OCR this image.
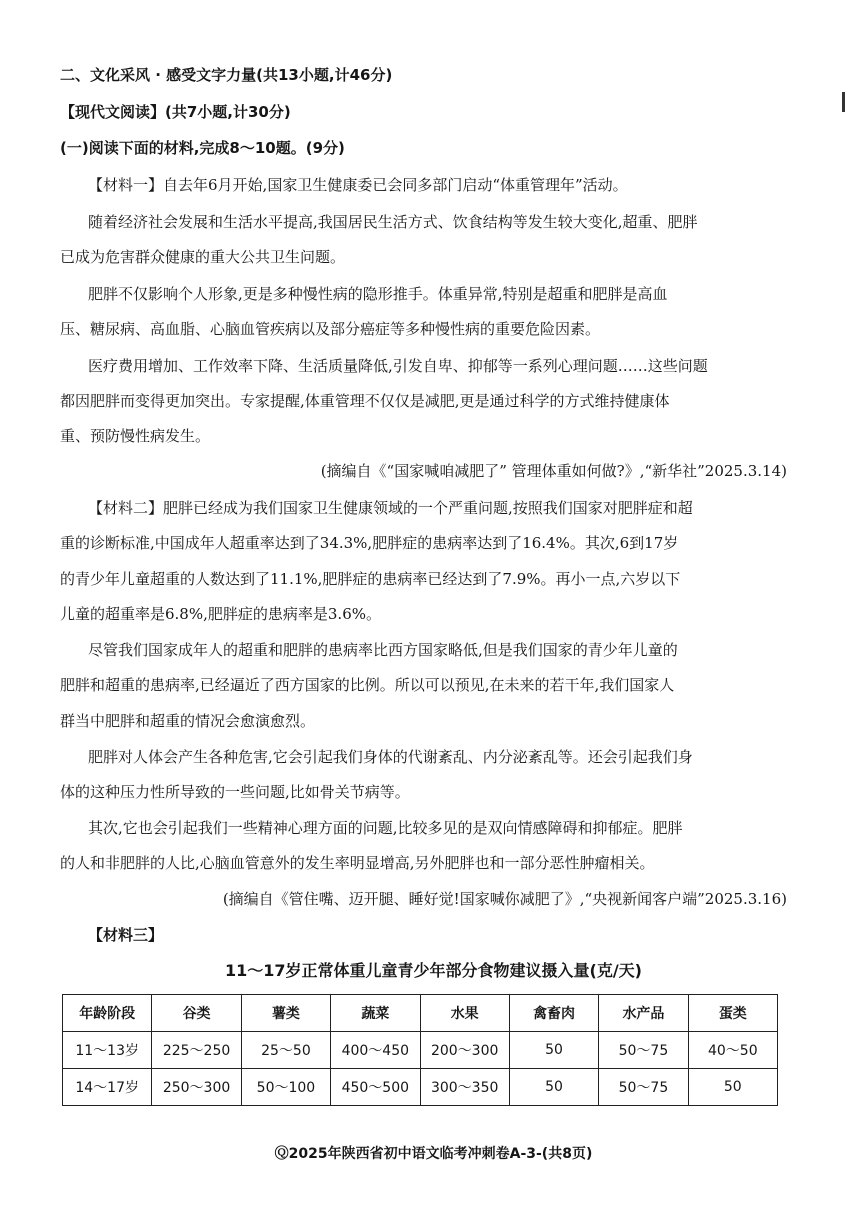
二、文化采风 · 感受文字力量(共13小题,计46分)
【现代文阅读】(共7小题,计30分)
(一)阅读下面的材料,完成8～10题。(9分)
【材料一】自去年6月开始,国家卫生健康委已会同多部门启动“体重管理年”活动。
随着经济社会发展和生活水平提高,我国居民生活方式、饮食结构等发生较大变化,超重、肥胖
已成为危害群众健康的重大公共卫生问题。
肥胖不仅影响个人形象,更是多种慢性病的隐形推手。体重异常,特别是超重和肥胖是高血
压、糖尿病、高血脂、心脑血管疾病以及部分癌症等多种慢性病的重要危险因素。
医疗费用增加、工作效率下降、生活质量降低,引发自卑、抑郁等一系列心理问题……这些问题
都因肥胖而变得更加突出。专家提醒,体重管理不仅仅是减肥,更是通过科学的方式维持健康体
重、预防慢性病发生。
(摘编自《“国家喊咱减肥了” 管理体重如何做?》,“新华社”2025.3.14)
【材料二】肥胖已经成为我们国家卫生健康领域的一个严重问题,按照我们国家对肥胖症和超
重的诊断标准,中国成年人超重率达到了34.3%,肥胖症的患病率达到了16.4%。其次,6到17岁
的青少年儿童超重的人数达到了11.1%,肥胖症的患病率已经达到了7.9%。再小一点,六岁以下
儿童的超重率是6.8%,肥胖症的患病率是3.6%。
尽管我们国家成年人的超重和肥胖的患病率比西方国家略低,但是我们国家的青少年儿童的
肥胖和超重的患病率,已经逼近了西方国家的比例。所以可以预见,在未来的若干年,我们国家人
群当中肥胖和超重的情况会愈演愈烈。
肥胖对人体会产生各种危害,它会引起我们身体的代谢紊乱、内分泌紊乱等。还会引起我们身
体的这种压力性所导致的一些问题,比如骨关节病等。
其次,它也会引起我们一些精神心理方面的问题,比较多见的是双向情感障碍和抑郁症。肥胖
的人和非肥胖的人比,心脑血管意外的发生率明显增高,另外肥胖也和一部分恶性肿瘤相关。
(摘编自《管住嘴、迈开腿、睡好觉!国家喊你减肥了》,“央视新闻客户端”2025.3.16)
【材料三】
11～17岁正常体重儿童青少年部分食物建议摄入量(克/天)
年龄阶段	谷类	薯类	蔬菜	水果	禽畜肉	水产品	蛋类
11～13岁	225～250	25～50	400～450	200～300	50	50～75	40～50
14～17岁	250～300	50～100	450～500	300～350	50	50～75	50
Ⓠ2025年陕西省初中语文临考冲刺卷A-3-(共8页)
